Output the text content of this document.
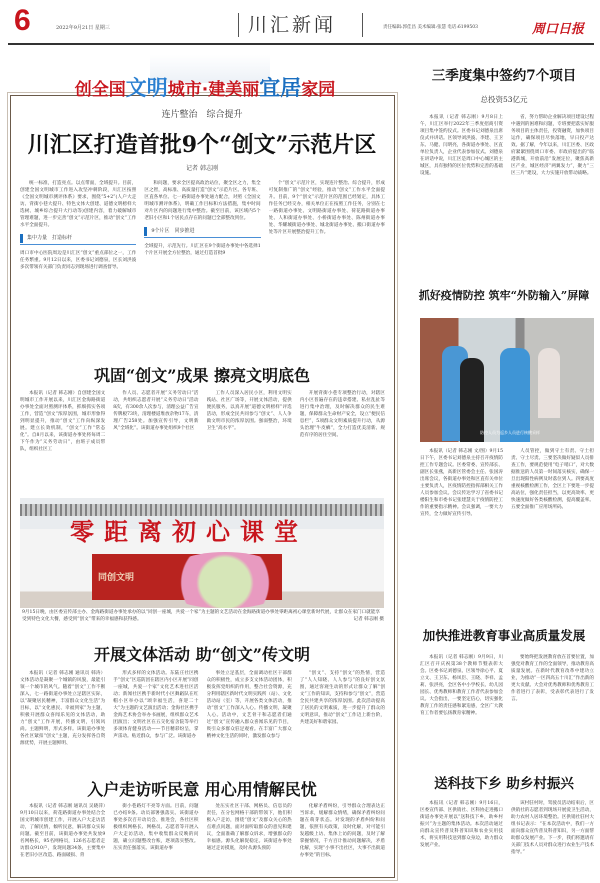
6	2022年9月21日 星期三	川汇新闻	责任编辑:郭佳昌 美术编辑:张慧 电话:6199503	周口日报
创全国文明城市·建美丽宜居家园
连片整治　综合提升
川汇区打造首批9个“创文”示范片区
记者 韩志刚
统一标准，打造亮点。以点带面，全域提升。目前，创建全国文明城市工作进入攻坚冲刺阶段，川汇区按照《全国文明城市测评体系》要求，围绕“5+2”(人户大走访、背街小巷大提升、特色文体大创建、道德文明榜样大选树、城乡综合提升大行动等)创建内容，着力破解城市管理难题，进一步完善“创文”示范片区，推动“创文”工作水平全面提升。
集中力量　打造标杆
周口市中心医院周边是川汇区“创文”重点部位之一，工作任务繁重。9月12日以来，区委书记刘德泉，区长刘洪波多次带领有关部门负责同志到现场进行调查督导。
和问题，要求全区提高政治站位，聚全区之力，集全区之智，高标准、高质量打造“创文”示范片区。各专班、区直各单位、七一路街道办事处通力配合，对照《全国文明城市测评体系》，明确工作目标和方法措施，集中时间对片区内的问题进行集中整治。截至目前，该区域内5个老旧小区和1个居民点存在的问题已全部整改到位。
9个片区　同步推进
全域提升，示范先行。川汇区在9个街道办事处中各选择1个片区开展全方位整治，通过打造首批9
个“创文”示范片区，实现连片整治、综合提升，形成可复制推广的“创文”经验，推动“创文”工作水平全面提升。目前，9个“创文”示范片区的范围已经划定，具体工作任务已经交办，相关单位正在按照工作任务，分别在七一路街道办事处、文明路街道办事处、荷花路街道办事处、人和街道办事处、小桥街道办事处、陈州街道办事处、华耀城街道办事处、城北街道办事处、搬口街道办事处等片区开展整治提升工作。
巩固“创文”成果 擦亮文明底色
本报讯（记者 韩志刚）自创建全国文明城市工作开展以来，川汇区金海路街道办事处全面对照测评体系，抓细抓实各项工作，营造“创文”浓厚氛围，城市形象得到明显提升，推动“创文”工作向纵深发展。建立长效机制，“创文”工作“常态化”。自8月以来，该街道办事处将每周二下午作为“义务劳动日”，由班子成员带队，组织社区工
作人员、志愿者开展“义务劳动日”活动，共组织志愿者开展“义务劳动日”活动8次，有300余人次参与，清理公益广告宣传牌板73块，清理楼道堆放杂物17车，清理广告258处。加强宣传引导，文明新风“全域化”。该街道办事处组织9个社区
工作人员深入居民小区，利用文明实践站、社区广场等，开展文体活动，提供便民服务，以真开展“道德文明榜样”评选活动，形成全民共同参与“创文”、人人争做文明市民的浓厚氛围。强弱整治，环境卫生“高水平”。
开展背街小巷专项整治行动，对辖区内小区普遍存在的违章搭建、私拉乱扯等进行集中治理，及时解决群众的民生难题，保障群众生命财产安全，设立“便民信息栏”，5项群众文明素质提升行动，从源头治理“牛皮癣”，全力打造优美清新、规范有序的居住空间。

同创文明
零距离初心课堂
9月15日晚，由区委宣传部主办、金海路街道办事处承办的以“同创一座城，共爱一个家”为主题的文艺活动在金海路街道办事处零距离初心课堂新时代展，让群众在家门口就能享受到特色文化大餐，感受到“创文”带来的幸福感和获得感。	记者 韩志刚 摄
开展文体活动 助“创文”传文明
本报讯（记者 韩志刚 通讯员 韩涛）文体活动是凝聚一个城镇的风貌，最能引领一个城市的风气。随着“创文”工作不断深入，七一路街道办事处立足辖区实际，以“凝聚居民精神，丰富群众文化生活”为目标，以“文化惠民、幸福到家”为主题，积极开展群众喜闻乐见的文体活动，助力“创文”工作开展，传播文明，引领风尚。主题鲜明，形式多样。该街道办事处各社区紧扣“创文”主题，充分发挥各自资源优势，开展主题鲜明、
形式多样的文体活动。东陆庄社区携手“创文”区巡防团在辖区内小区开展“同创一座城，共爱一个家”文化艺术进社区活动；新闻社区携手新时代小区舞蹈队在红帽小区举办以“颂幸福生活，喜迎二十大”为主题的文艺演出活动；金海社区携手金海艺术协会举办书画展，组织群众艺术团演出；文明社区在五交化宿舍院等举行多项体育健身活动——节目精彩纷呈，掌声雷动。贴近群众，参与广泛。该街道办
事处立足基层，全面调动社区干部群众的积极性，成立多支文体活动团体，积极发挥党组织的作用，整合社会资源，充分利用辖区新时代文明实践所（站）、文化活动站（室）等，开展各类文体活动，推动“创文”工作深入人心。传播文明，凝聚人心。活动中，文艺骨干和志愿者们通过“创文”宣传融入群众喜闻乐见的节目，吸引众多群众驻足观看。在丰富广大群众精神文化生活的同时，激发群众参与
“创文”、支持“创文”的热情，营造了“人人知晓、人人参与”的良好创文氛围，通过客观生动的形式让群众了解“创文”工作的知识，支持和参与“创文”，营造全民共建共享的浓厚氛围。此次活动提高了居民的文明素质，进一步提升了群众的文明意识，推动“创文”工作迈上新台阶，共建美好和谐家园。
入户走访听民意 用心用情解民忧
本报讯（记者 韩志刚 通讯员 吴晓萍）9月10日以来，荷花路街道办事处结合全国文明城市创建工作，开展入户大走访活动，了解民情，倾听民意，解决群众实际问题。截至目前，该街道办事处共发放9名网格长，95名网格员，126名志愿者走访群众910户，发现问题34条，主要集中在老旧小区改造、路面破损、背
街小巷路灯不亮等方面。目前，问题已办结9条。动员部署强落实。该街道办事处多次召开动员会、推进会，各社区积极组织网格长、网格员、志愿者等开展入户大走访活动，集中收集群众反映的问题，确立问题整改台账，逐项落实整改。压实责任强落实。该街道办事
处压实社区干部、网格员、信息员的责任，在分包网格干部的带领下，他们积极入户走访，围绕“创文”及群众关心的热点难点问题，面对面听取群众的意见和建议，全面准确了解群众诉求，增强群众的幸福感。源头化解促稳定。该街道办事处通过走访摸底，及时从源头预防
化解矛盾纠纷，引导群众合理表达正当诉求，缓解群众情绪，确保矛盾纠纷问题在萌芽状态。对发现的矛盾纠纷和问题，依照有关政策，及时化解，对可能引发越级上访、集体上访的问题，及时了解掌握情况，千方百计推动问题解决，矛盾化解，实现“小事不出社区，大事不出街道办事处”的目标。
三季度集中签约7个项目
总投资53亿元
本报讯（记者 韩志刚）9月8日上午，川汇区举行2022年三季度招商引资项目集中签约仪式。区委书记刘德泉出席仪式并讲话。区领导刘洪波、李建、王卫东、马健、闫明亮，各街道办事处、区直单位负责人，企业代表参加仪式。刘德泉在讲话中说，川汇区是周口中心城区的主城区，具有独特的区位优势和完善的基础设施。
省，努力帮助企业解决项目建设过程中遇到的困难和问题，专班要把落实好服务项目的主体责任，投资融资，加快项目运作，确保项目尽快落地，早日投产达效。据了解，今年以来，川汇区委、区政府紧紧围绕周口市委、市政府提出的“临港新城，开放前沿”发展定位，聚焦高新区产业，城区经济“两翼发力”，聚力“三区三片”建设，大力实施开放带动战略。
抓好疫情防控 筑牢“外防输入”屏障
防控人员为返乡人员进行核酸采样
本报讯（记者 韩志刚 文/图）9月15日下午，区委书记刘德泉主持召开疫情防控工作专题会议。区委常委、宣传部长、副区长张燕，高新区管委会主任、张国涛出席会议，各街道办事处和区直有关单位主要负责人，区疫情防控指挥部相关工作人员参加会议。会议传达学习了省委书记楼阳生和市委书记张建慧关于疫情防控工作的重要指示精神。会议强调，一要大力宣传，全力做好宣传引导。
人员管控，做到守土有责、守土担责、守土尽责。三要坚决做好疑似人员排查工作，要规范使用“电子哨口”，对大数据推送的人员第一时间落实核实，确保一旦出现阳性病例及时落位到人。四要高度重视核酸检测工作，全区上下要进一步提高站位，强化责任担当，以更高效率、更快速度做好各类核酸检测，提高覆盖率。五要全面推广应用场所码。
加快推进教育事业高质量发展
本报讯（记者 韩志刚）9月9日，川汇区召开庆祝第38个教师节暨表彰大会。区委书记刘德泉、区领导徐心平、夏立文、王卫东、杨凤臣、王晓、李祥、孟莉、张洪亮，全区各中小学校长、幼儿园园长、优秀教师和教育工作者代表参加会议。大会指出，一要坚定信心，切实强化教育工作的责任感和紧迫感，全区广大教育工作者要弘扬教育家精神。
要始终把发展教育放在首要位置，加强党对教育工作的全面领导，推动教育高质量发展。在新时代教育改革中建功立业，为推动“一区四高五十川汇”作出新的更大贡献。大会对优秀教师和优秀教育工作者进行了表彰，受表彰代表进行了发言。
送科技下乡 助乡村振兴
本报讯（记者 韩志刚）9月16日，区委宣传部、区供销社、区科协走进搬口街道办事处开展以“送科技下乡，助乡村振兴”为主题的集体活动。本次活动通过向群众宣传普及科普知识和农业实用技术，将实用科技送到群众身边，助力群众发展产业。
该村驻村时，驾驶员活动结束后，区供销社的志愿者到现场开展爱卫生活动，助力农村人居环境整治。区供销社驻村大组书记表示：“在本次活动中，我们一方面向群众宣传普及科普知识，另一方面帮助群众发展产业。下一步，我们将邀请有关部门技术人员对群众进行农业生产技术指导。”
